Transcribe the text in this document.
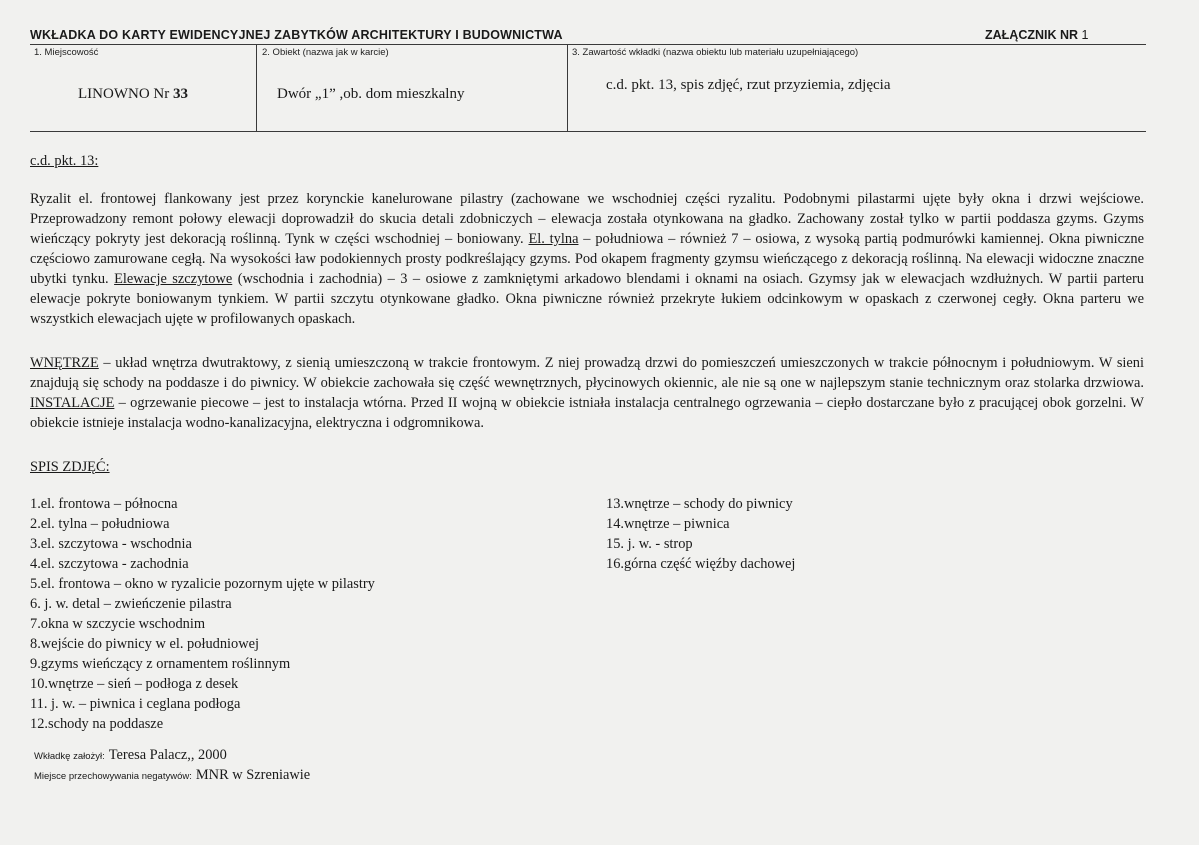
WKŁADKA DO KARTY EWIDENCYJNEJ ZABYTKÓW ARCHITEKTURY I BUDOWNICTWA	ZAŁĄCZNIK NR 1
1. Miejscowość
LINOWNO Nr 33
2. Obiekt (nazwa jak w karcie)
Dwór „1” ,ob. dom mieszkalny
3. Zawartość wkładki (nazwa obiektu lub materiału uzupełniającego)
c.d. pkt. 13, spis zdjęć, rzut przyziemia, zdjęcia
c.d. pkt. 13:
Ryzalit el. frontowej flankowany jest przez korynckie kanelurowane pilastry (zachowane we wschodniej części ryzalitu. Podobnymi pilastarmi ujęte były okna i drzwi wejściowe. Przeprowadzony remont połowy elewacji doprowadził do skucia detali zdobniczych – elewacja została otynkowana na gładko. Zachowany został tylko w partii poddasza gzyms. Gzyms wieńczący pokryty jest dekoracją roślinną. Tynk w części wschodniej – boniowany. El. tylna – południowa – również 7 – osiowa, z wysoką partią podmurówki kamiennej. Okna piwniczne częściowo zamurowane cegłą. Na wysokości ław podokiennych prosty podkreślający gzyms. Pod okapem fragmenty gzymsu wieńczącego z dekoracją roślinną. Na elewacji widoczne znaczne ubytki tynku. Elewacje szczytowe (wschodnia i zachodnia) – 3 – osiowe z zamkniętymi arkadowo blendami i oknami na osiach. Gzymsy jak w elewacjach wzdłużnych. W partii parteru elewacje pokryte boniowanym tynkiem. W partii szczytu otynkowane gładko. Okna piwniczne również przekryte łukiem odcinkowym w opaskach z czerwonej cegły. Okna parteru we wszystkich elewacjach ujęte w profilowanych opaskach.
WNĘTRZE – układ wnętrza dwutraktowy, z sienią umieszczoną w trakcie frontowym. Z niej prowadzą drzwi do pomieszczeń umieszczonych w trakcie północnym i południowym. W sieni znajdują się schody na poddasze i do piwnicy. W obiekcie zachowała się część wewnętrznych, płycinowych okiennic, ale nie są one w najlepszym stanie technicznym oraz stolarka drzwiowa. INSTALACJE – ogrzewanie piecowe – jest to instalacja wtórna. Przed II wojną w obiekcie istniała instalacja centralnego ogrzewania – ciepło dostarczane było z pracującej obok gorzelni. W obiekcie istnieje instalacja wodno-kanalizacyjna, elektryczna i odgromnikowa.
SPIS ZDJĘĆ:
1.el. frontowa – północna
2.el. tylna – południowa
3.el. szczytowa - wschodnia
4.el. szczytowa - zachodnia
5.el. frontowa – okno w ryzalicie pozornym ujęte w pilastry
6. j. w. detal – zwieńczenie pilastra
7.okna w szczycie wschodnim
8.wejście do piwnicy w el. południowej
9.gzyms wieńczący z ornamentem roślinnym
10.wnętrze – sień – podłoga z desek
11. j. w. – piwnica i ceglana podłoga
12.schody na poddasze
13.wnętrze – schody do piwnicy
14.wnętrze – piwnica
15. j. w. - strop
16.górna część więźby dachowej
Wkładkę założył: Teresa Palacz,, 2000
Miejsce przechowywania negatywów: MNR w Szreniawie
